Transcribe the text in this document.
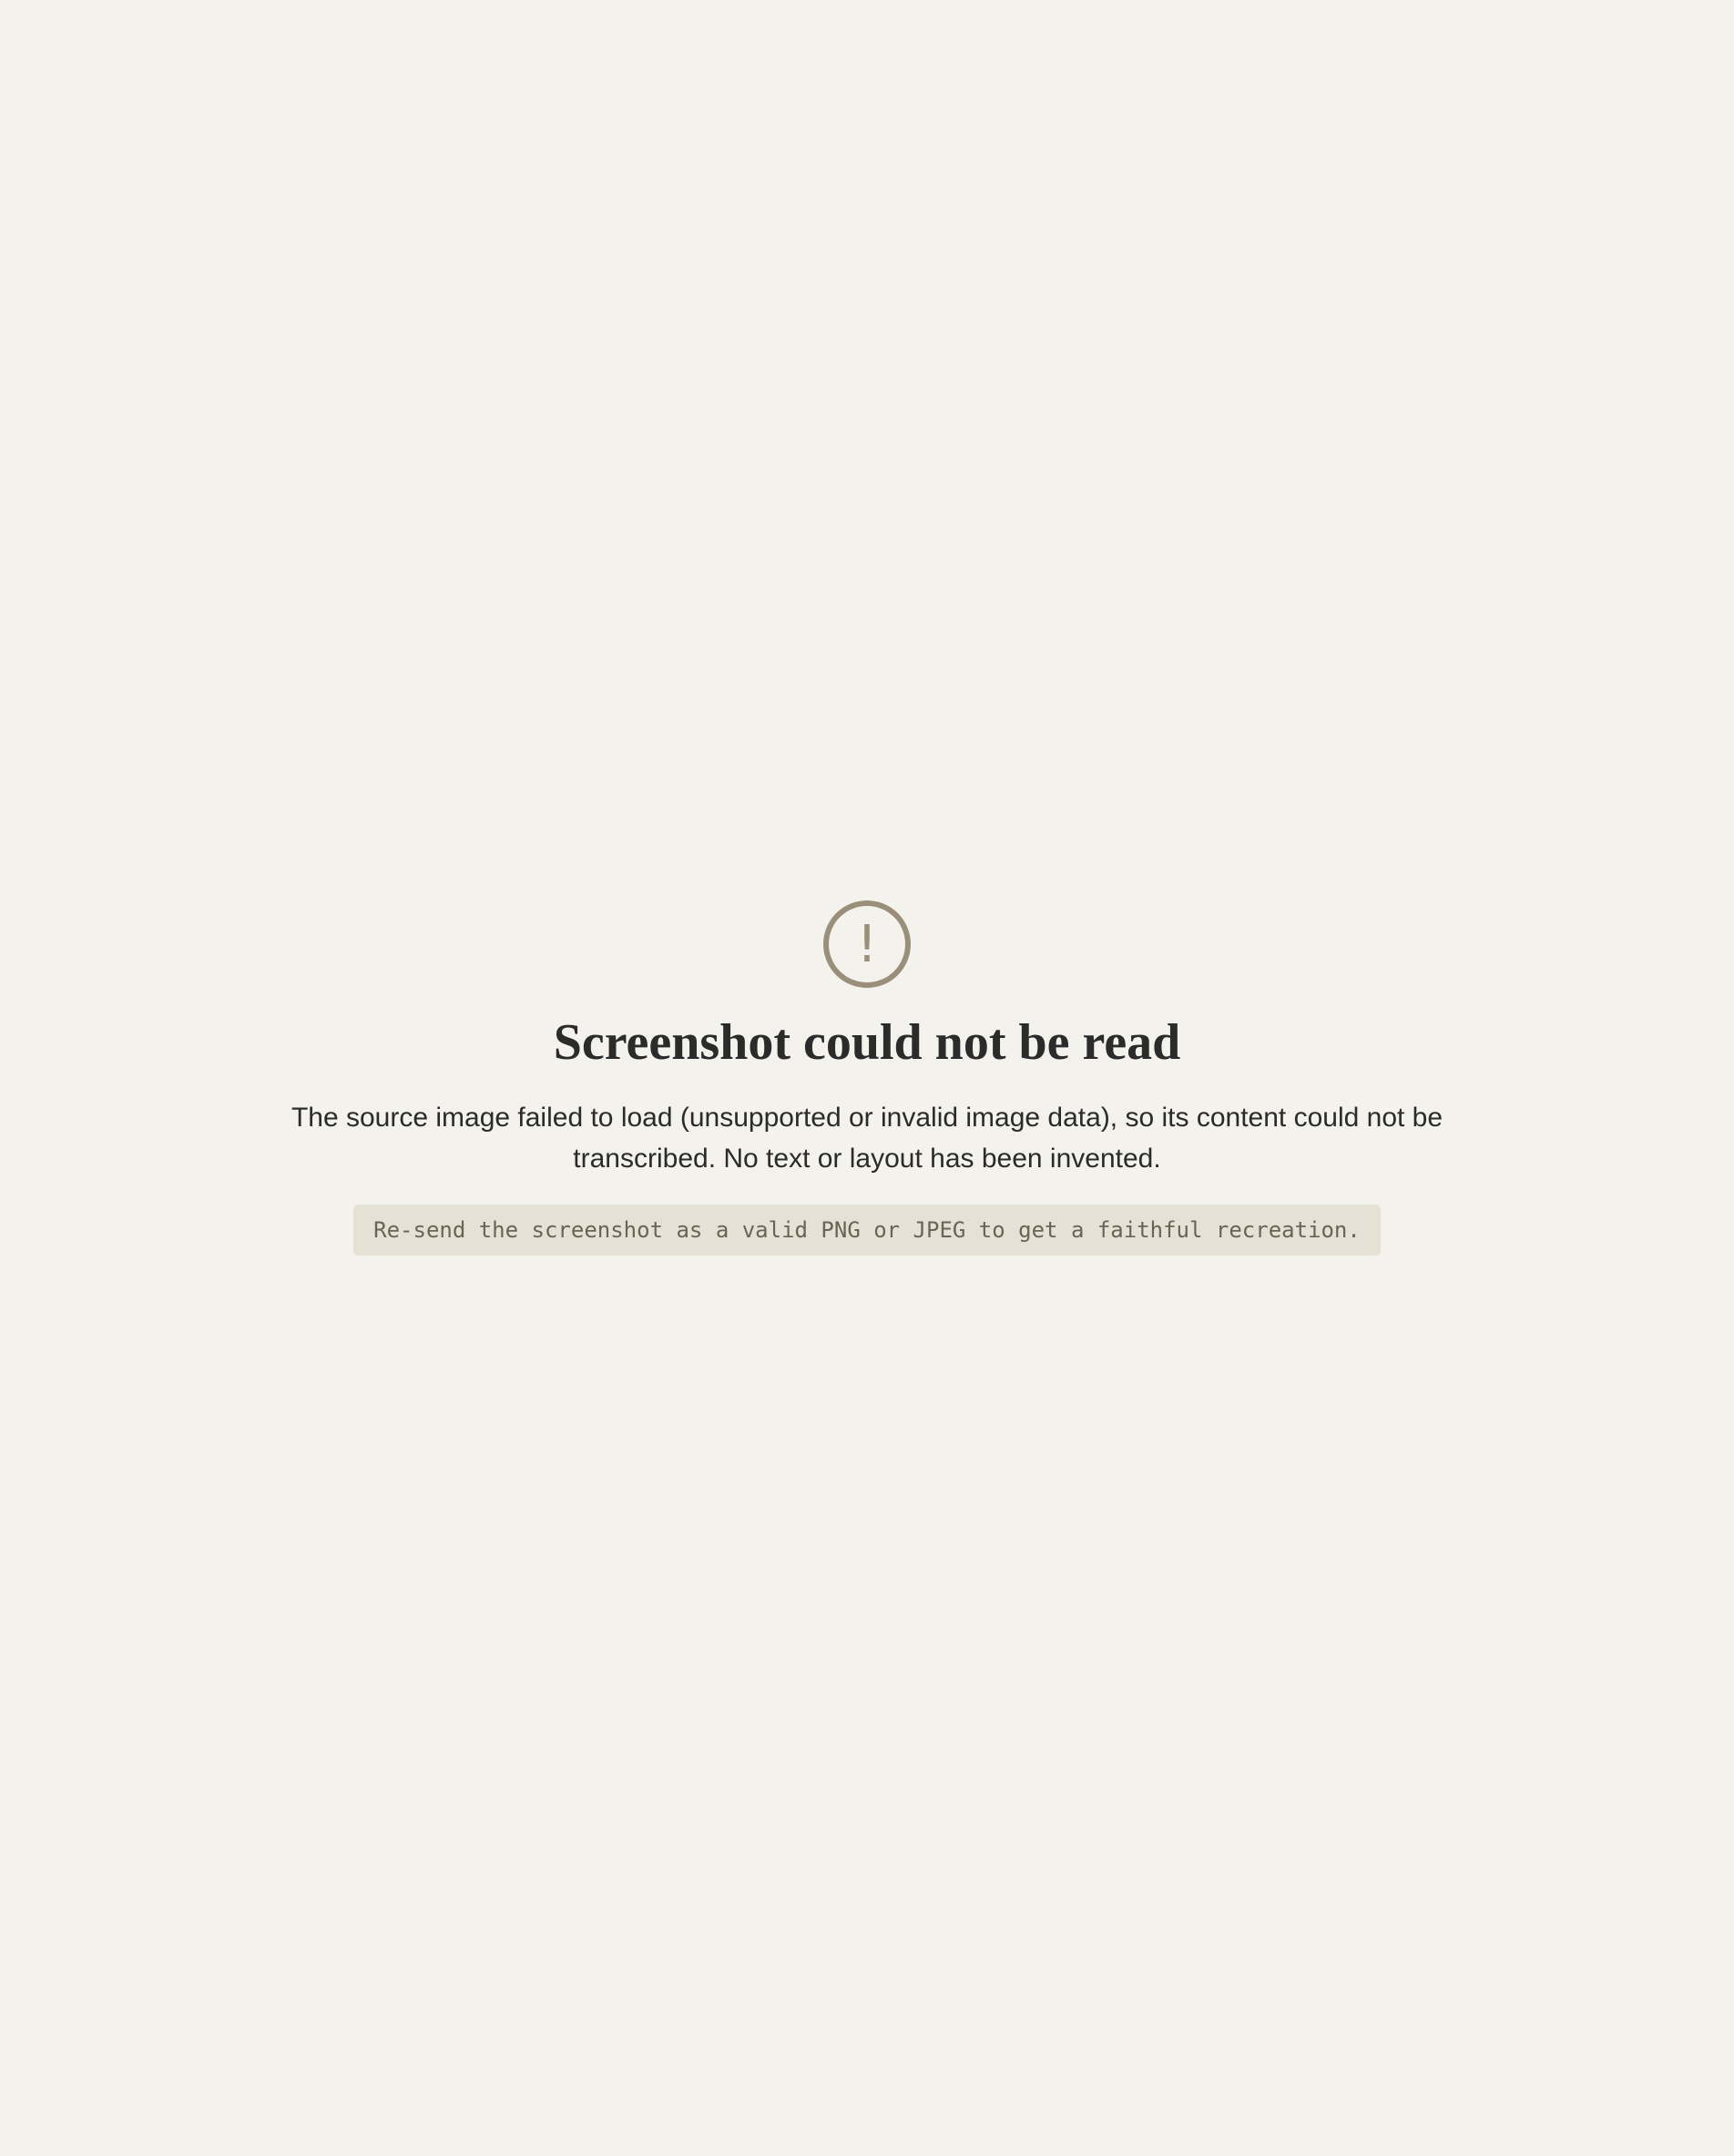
!
Screenshot could not be read

The source image failed to load (unsupported or invalid image data), so its content could not be transcribed. No text or layout has been invented.

Re-send the screenshot as a valid PNG or JPEG to get a faithful recreation.
